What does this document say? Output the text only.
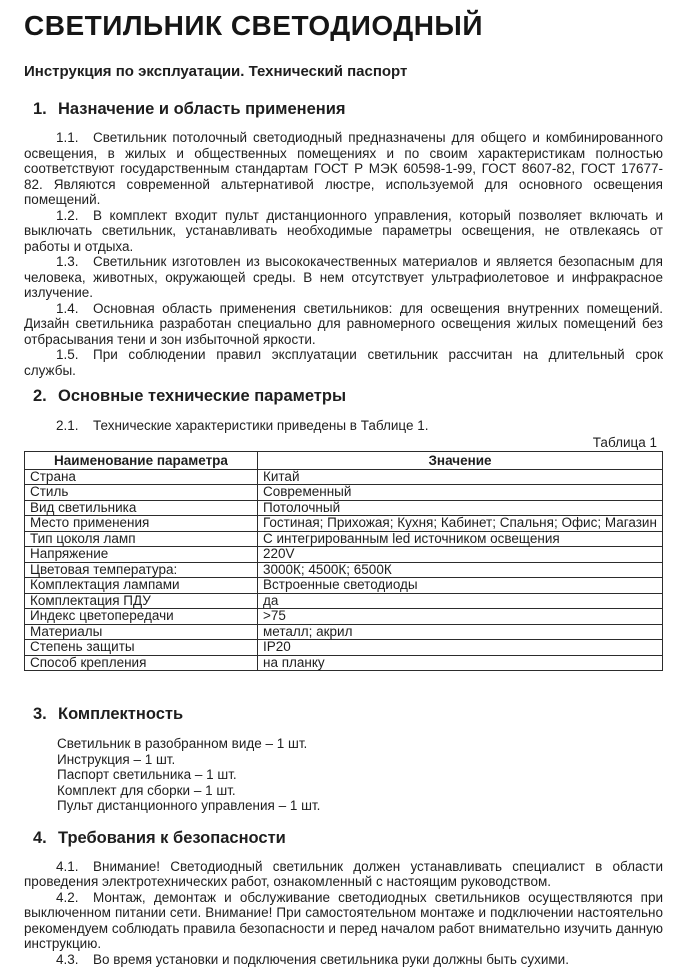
СВЕТИЛЬНИК СВЕТОДИОДНЫЙ
Инструкция по эксплуатации. Технический паспорт
1. Назначение и область применения

1.1. Светильник потолочный светодиодный предназначены для общего и комбинированного освещения, в жилых и общественных помещениях и по своим характеристикам полностью соответствуют государственным стандартам ГОСТ Р МЭК 60598-1-99, ГОСТ 8607-82, ГОСТ 17677-82. Являются современной альтернативой люстре, используемой для основного освещения помещений.

1.2. В комплект входит пульт дистанционного управления, который позволяет включать и выключать светильник, устанавливать необходимые параметры освещения, не отвлекаясь от работы и отдыха.

1.3. Светильник изготовлен из высококачественных материалов и является безопасным для человека, животных, окружающей среды. В нем отсутствует ультрафиолетовое и инфракрасное излучение.

1.4. Основная область применения светильников: для освещения внутренних помещений. Дизайн светильника разработан специально для равномерного освещения жилых помещений без отбрасывания тени и зон избыточной яркости.

1.5. При соблюдении правил эксплуатации светильник рассчитан на длительный срок службы.

2. Основные технические параметры

2.1. Технические характеристики приведены в Таблице 1.

Таблица 1
Наименование параметра	Значение
Страна	Китай
Стиль	Современный
Вид светильника	Потолочный
Место применения	Гостиная; Прихожая; Кухня; Кабинет; Спальня; Офис; Магазин
Тип цоколя ламп	С интегрированным led источником освещения
Напряжение	220V
Цветовая температура:	3000К; 4500К; 6500К
Комплектация лампами	Встроенные светодиоды
Комплектация ПДУ	да
Индекс цветопередачи	>75
Материалы	металл; акрил
Степень защиты	IP20
Способ крепления	на планку
3. Комплектность
Светильник в разобранном виде – 1 шт.
Инструкция – 1 шт.
Паспорт светильника – 1 шт.
Комплект для сборки – 1 шт.
Пульт дистанционного управления – 1 шт.
4. Требования к безопасности

4.1. Внимание! Светодиодный светильник должен устанавливать специалист в области проведения электротехнических работ, ознакомленный с настоящим руководством.

4.2. Монтаж, демонтаж и обслуживание светодиодных светильников осуществляются при выключенном питании сети. Внимание! При самостоятельном монтаже и подключении настоятельно рекомендуем соблюдать правила безопасности и перед началом работ внимательно изучить данную инструкцию.

4.3. Во время установки и подключения светильника руки должны быть сухими.
